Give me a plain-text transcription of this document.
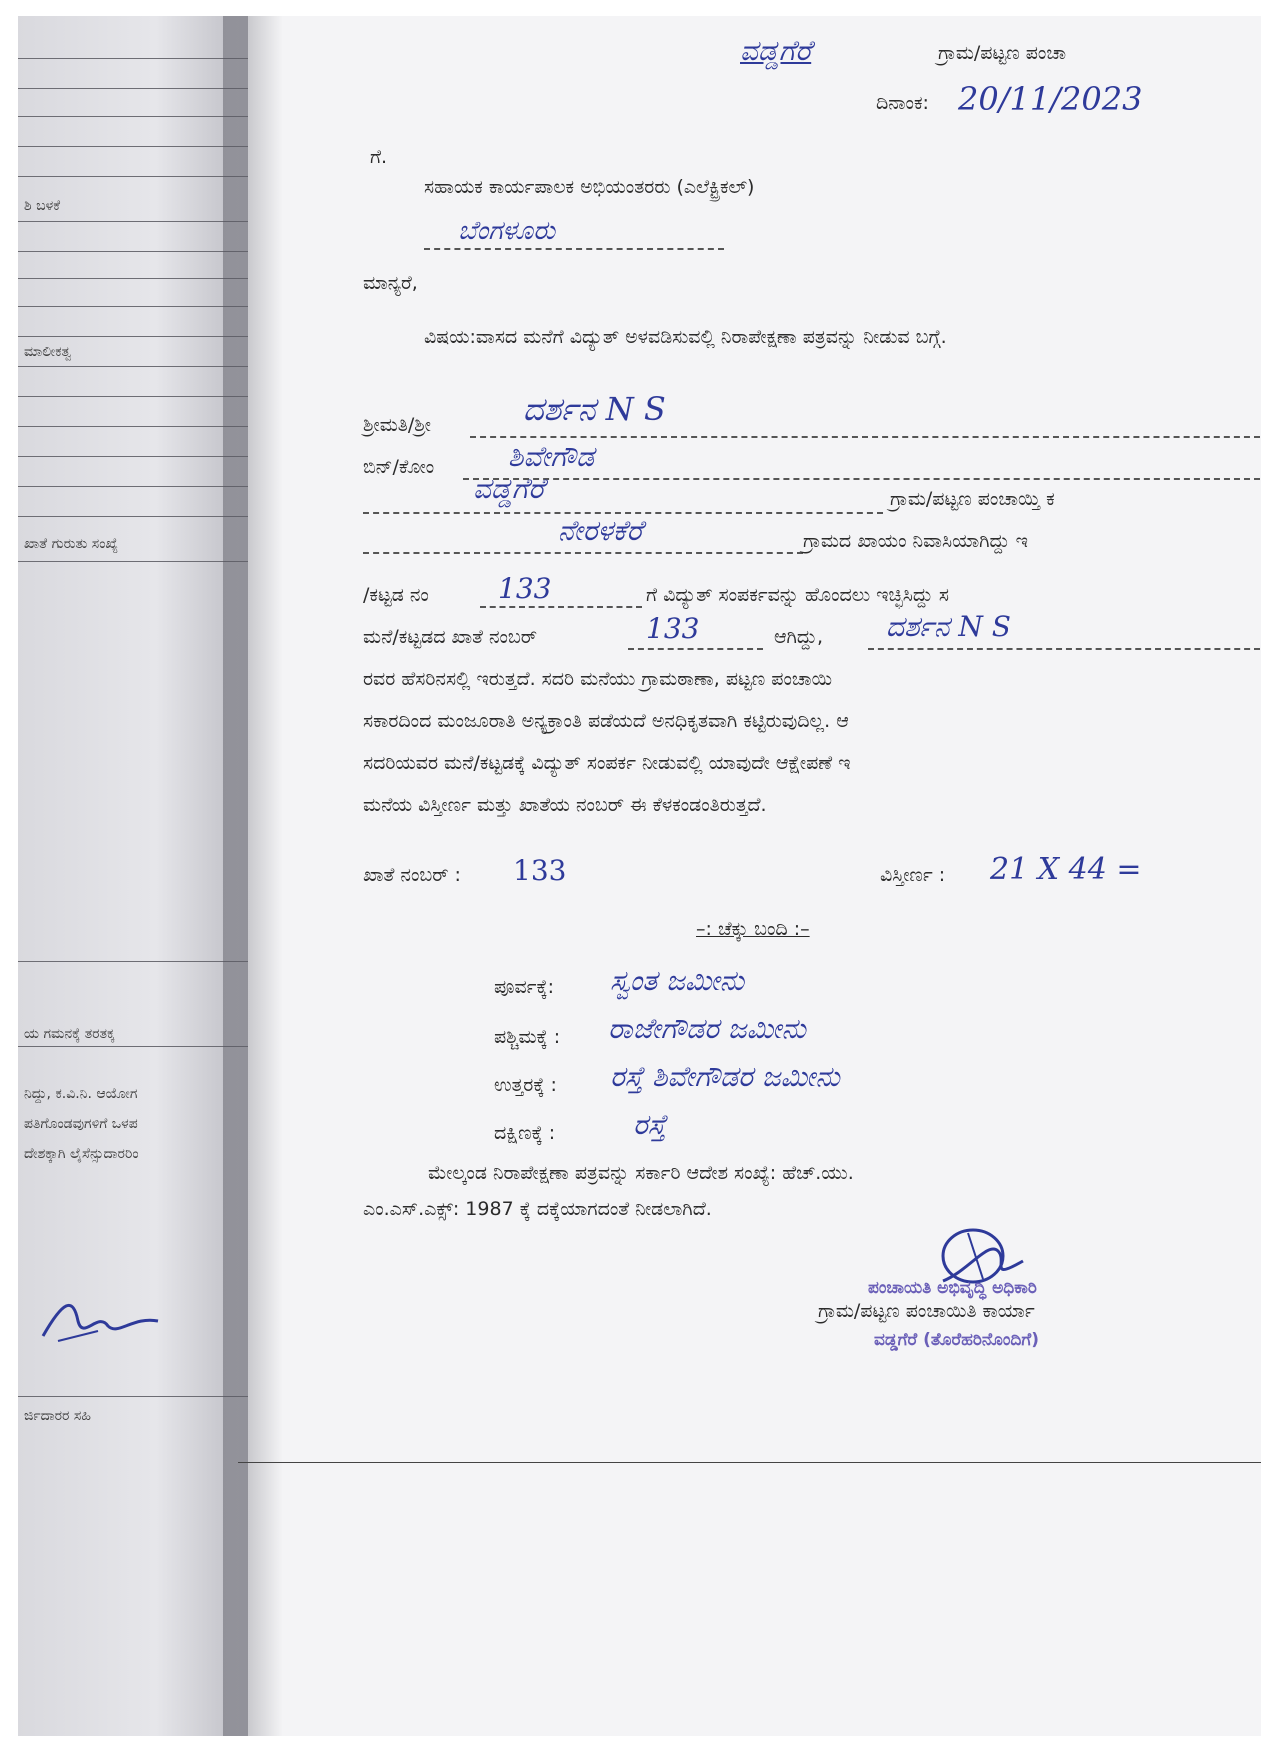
ಶಿ ಬಳಕೆ
ಮಾಲೀಕತ್ವ
ಖಾತೆ ಗುರುತು ಸಂಖ್ಯೆ
ಯ ಗಮನಕ್ಕೆ ತರತಕ್ಕ
ನಿದ್ದು, ಕ.ವಿ.ನಿ. ಆಯೋಗ
ಪತಿಗೊಂಡವುಗಳಿಗೆ ಒಳಪ
ದೇಶಕ್ಕಾಗಿ ಲೈಸೆನ್ಸುದಾರರಿಂ
ರ್ಜಿದಾರರ ಸಹಿ
ವಡ್ಡಗೆರೆ	ಗ್ರಾಮ/ಪಟ್ಟಣ ಪಂಚಾ
ದಿನಾಂಕ: 20/11/2023
ಗೆ.
ಸಹಾಯಕ ಕಾರ್ಯಪಾಲಕ ಅಭಿಯಂತರರು (ಎಲೆಕ್ಟ್ರಿಕಲ್)
ಬೆಂಗಳೂರು
ಮಾನ್ಯರೆ,
ವಿಷಯ:ವಾಸದ ಮನೆಗೆ ವಿದ್ಯುತ್ ಅಳವಡಿಸುವಲ್ಲಿ ನಿರಾಪೇಕ್ಷಣಾ ಪತ್ರವನ್ನು ನೀಡುವ ಬಗ್ಗೆ.
ಶ್ರೀಮತಿ/ಶ್ರೀ	ದರ್ಶನ N S
ಬಿನ್/ಕೋಂ	ಶಿವೇಗೌಡ
ವಡ್ಡಗೆರೆ	ಗ್ರಾಮ/ಪಟ್ಟಣ ಪಂಚಾಯ್ತಿ ಕ
ನೇರಳಕೆರೆ	ಗ್ರಾಮದ ಖಾಯಂ ನಿವಾಸಿಯಾಗಿದ್ದು ಇ
/ಕಟ್ಟಡ ನಂ 133	ಗೆ ವಿದ್ಯುತ್ ಸಂಪರ್ಕವನ್ನು ಹೊಂದಲು ಇಚ್ಛಿಸಿದ್ದು ಸ
ಮನೆ/ಕಟ್ಟಡದ ಖಾತೆ ನಂಬರ್	133	ಆಗಿದ್ದು, ದರ್ಶನ N S
ರವರ ಹೆಸರಿನಸಲ್ಲಿ ಇರುತ್ತದೆ. ಸದರಿ ಮನೆಯು ಗ್ರಾಮಠಾಣಾ, ಪಟ್ಟಣ ಪಂಚಾಯಿ
ಸಕಾರದಿಂದ ಮಂಜೂರಾತಿ ಅನ್ಯಕ್ರಾಂತಿ ಪಡೆಯದೆ ಅನಧಿಕೃತವಾಗಿ ಕಟ್ಟಿರುವುದಿಲ್ಲ. ಆ
ಸದರಿಯವರ ಮನೆ/ಕಟ್ಟಡಕ್ಕೆ ವಿದ್ಯುತ್ ಸಂಪರ್ಕ ನೀಡುವಲ್ಲಿ ಯಾವುದೇ ಆಕ್ಷೇಪಣೆ ಇ
ಮನೆಯ ವಿಸ್ತೀರ್ಣ ಮತ್ತು ಖಾತೆಯ ನಂಬರ್ ಈ ಕೆಳಕಂಡಂತಿರುತ್ತದೆ.
ಖಾತೆ ನಂಬರ್ : 133	ವಿಸ್ತೀರ್ಣ : 21 X 44 =
–: ಚೆಕ್ಕು ಬಂದಿ :–
ಪೂರ್ವಕ್ಕೆ: ಸ್ವಂತ ಜಮೀನು
ಪಶ್ಚಿಮಕ್ಕೆ : ರಾಜೇಗೌಡರ ಜಮೀನು
ಉತ್ತರಕ್ಕೆ : ರಸ್ತೆ ಶಿವೇಗೌಡರ ಜಮೀನು
ದಕ್ಷಿಣಕ್ಕೆ :	ರಸ್ತೆ
ಮೇಲ್ಕಂಡ ನಿರಾಪೇಕ್ಷಣಾ ಪತ್ರವನ್ನು ಸರ್ಕಾರಿ ಆದೇಶ ಸಂಖ್ಯೆ: ಹೆಚ್.ಯು.
ಎಂ.ಎಸ್.ಎಕ್ಸ್: 1987 ಕ್ಕೆ ದಕ್ಕೆಯಾಗದಂತೆ ನೀಡಲಾಗಿದೆ.
ಪಂಚಾಯತಿ ಅಭಿವೃದ್ಧಿ ಅಧಿಕಾರಿ
ಗ್ರಾಮ/ಪಟ್ಟಣ ಪಂಚಾಯಿತಿ ಕಾರ್ಯಾ
ವಡ್ಡಗೆರೆ (ತೊರೆಹರಿನೊಂದಿಗೆ)
